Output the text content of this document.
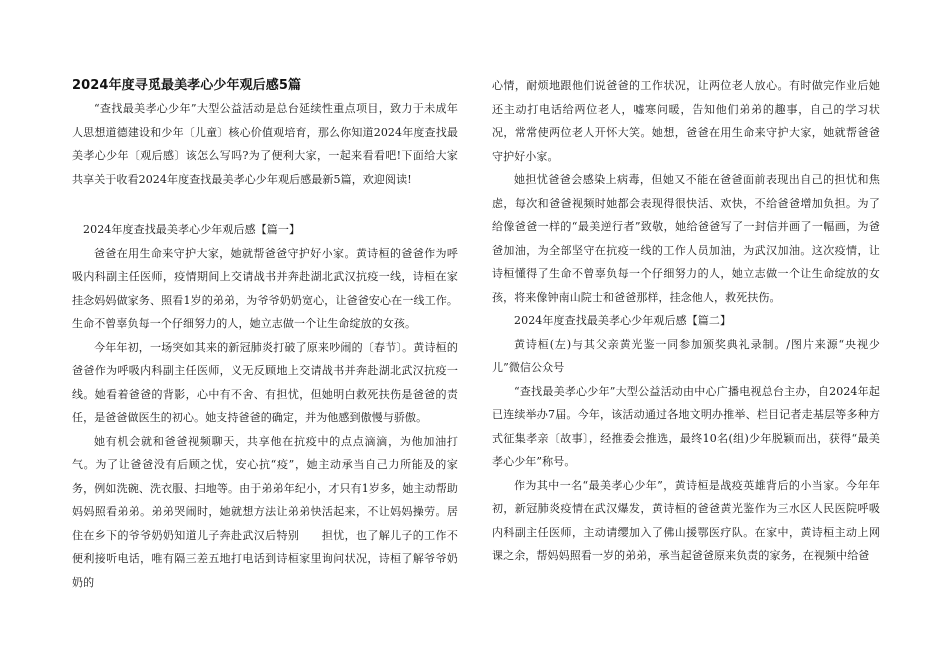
2024年度寻觅最美孝心少年观后感5篇

“查找最美孝心少年”大型公益活动是总台延续性重点项目，致力于未成年人思想道德建设和少年〔儿童〕核心价值观培育，那么你知道2024年度查找最美孝心少年〔观后感〕该怎么写吗?为了便利大家，一起来看看吧!下面给大家共享关于收看2024年度查找最美孝心少年观后感最新5篇，欢迎阅读!

2024年度查找最美孝心少年观后感【篇一】

爸爸在用生命来守护大家，她就帮爸爸守护好小家。黄诗桓的爸爸作为呼吸内科副主任医师，疫情期间上交请战书并奔赴湖北武汉抗疫一线，诗桓在家挂念妈妈做家务、照看1岁的弟弟，为爷爷奶奶宽心，让爸爸安心在一线工作。生命不曾辜负每一个仔细努力的人，她立志做一个让生命绽放的女孩。

今年年初，一场突如其来的新冠肺炎打破了原来吵闹的〔春节〕。黄诗桓的爸爸作为呼吸内科副主任医师，义无反顾地上交请战书并奔赴湖北武汉抗疫一线。她看着爸爸的背影，心中有不舍、有担忧，但她明白救死扶伤是爸爸的责任，是爸爸做医生的初心。她支持爸爸的确定，并为他感到傲慢与骄傲。

她有机会就和爸爸视频聊天，共享他在抗疫中的点点滴滴，为他加油打气。为了让爸爸没有后顾之忧，安心抗“疫”，她主动承当自己力所能及的家务，例如洗碗、洗衣服、扫地等。由于弟弟年纪小，才只有1岁多，她主动帮助妈妈照看弟弟。弟弟哭闹时，她就想方法让弟弟快活起来，不让妈妈操劳。居住在乡下的爷爷奶奶知道儿子奔赴武汉后特别　　担忧，也了解儿子的工作不便利接听电话，唯有隔三差五地打电话到诗桓家里询问状况，诗桓了解爷爷奶奶的

心情，耐烦地跟他们说爸爸的工作状况，让两位老人放心。有时做完作业后她还主动打电话给两位老人，嘘寒问暖，告知他们弟弟的趣事，自己的学习状况，常常使两位老人开怀大笑。她想，爸爸在用生命来守护大家，她就帮爸爸守护好小家。

她担忧爸爸会感染上病毒，但她又不能在爸爸面前表现出自己的担忧和焦虑，每次和爸爸视频时她都会表现得很快活、欢快，不给爸爸增加负担。为了给像爸爸一样的“最美逆行者”致敬，她给爸爸写了一封信并画了一幅画，为爸爸加油，为全部坚守在抗疫一线的工作人员加油，为武汉加油。这次疫情，让诗桓懂得了生命不曾辜负每一个仔细努力的人，她立志做一个让生命绽放的女孩，将来像钟南山院士和爸爸那样，挂念他人，救死扶伤。

2024年度查找最美孝心少年观后感【篇二】

黄诗桓(左)与其父亲黄光鉴一同参加颁奖典礼录制。/图片来源“央视少儿”微信公众号

“查找最美孝心少年”大型公益活动由中心广播电视总台主办，自2024年起已连续举办7届。今年，该活动通过各地文明办推举、栏目记者走基层等多种方式征集孝亲〔故事〕，经推委会推选，最终10名(组)少年脱颖而出，获得“最美孝心少年”称号。

作为其中一名“最美孝心少年”，黄诗桓是战疫英雄背后的小当家。今年年初，新冠肺炎疫情在武汉爆发，黄诗桓的爸爸黄光鉴作为三水区人民医院呼吸内科副主任医师，主动请缨加入了佛山援鄂医疗队。在家中，黄诗桓主动上网课之余，帮妈妈照看一岁的弟弟，承当起爸爸原来负责的家务，在视频中给爸
